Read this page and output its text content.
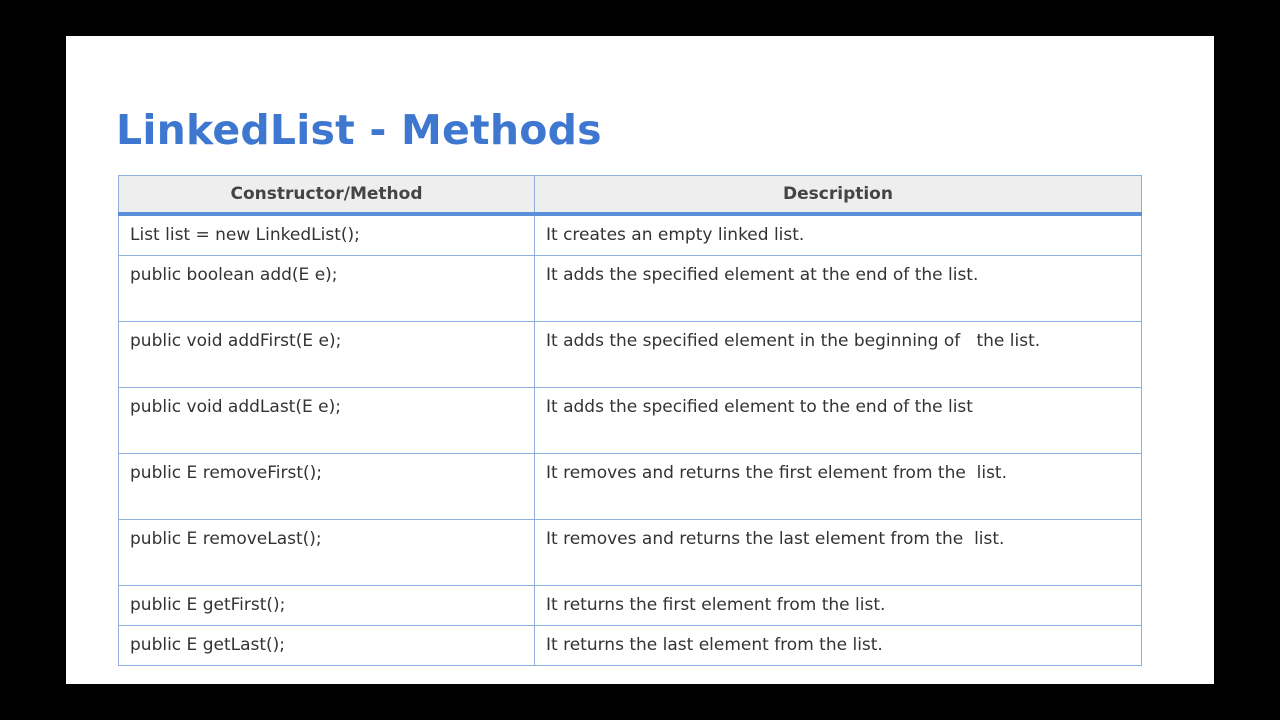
LinkedList - Methods
Constructor/Method	Description
List list = new LinkedList();	It creates an empty linked list.
public boolean add(E e);	It adds the specified element at the end of the list.
public void addFirst(E e);	It adds the specified element in the beginning of   the list.
public void addLast(E e);	It adds the specified element to the end of the list
public E removeFirst();	It removes and returns the first element from the  list.
public E removeLast();	It removes and returns the last element from the  list.
public E getFirst();	It returns the first element from the list.
public E getLast();	It returns the last element from the list.
